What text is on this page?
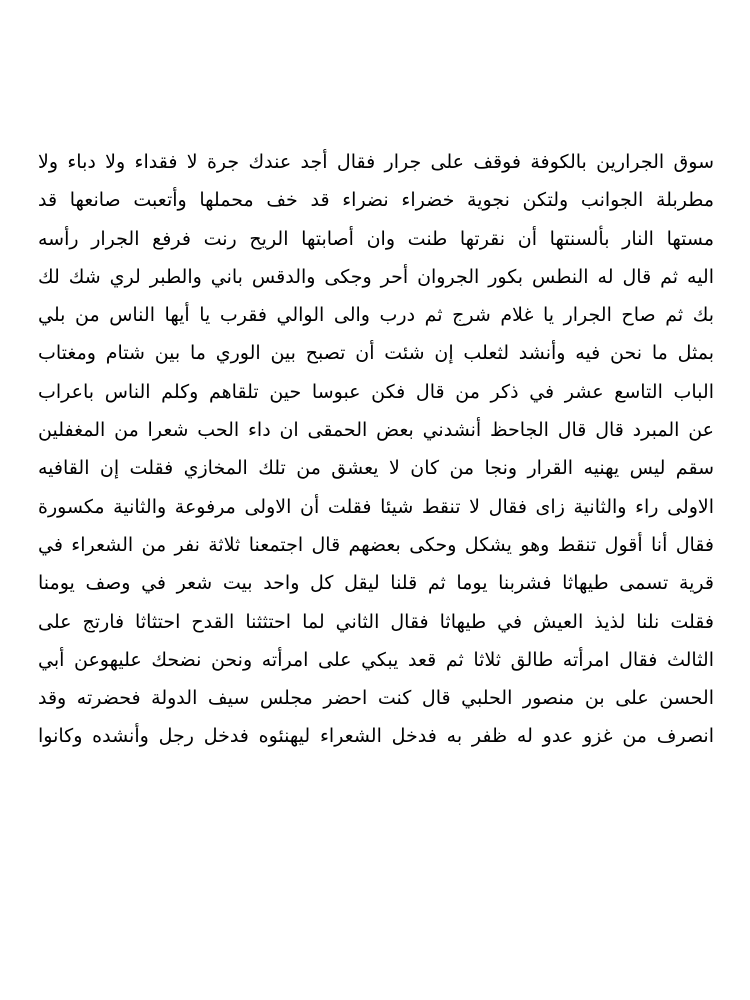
سوق الجرارين بالكوفة فوقف على جرار فقال أجد عندك جرة لا فقداء ولا دباء ولا
مطربلة الجوانب ولتكن نجوية خضراء نضراء قد خف محملها وأتعبت صانعها قد
مستها النار بألسنتها أن نقرتها طنت وان أصابتها الريح رنت فرفع الجرار رأسه
اليه ثم قال له النطس بكور الجروان أحر وجكى والدقس باني والطبر لري شك لك
بك ثم صاح الجرار يا غلام شرج ثم درب والى الوالي فقرب يا أيها الناس من بلي
بمثل ما نحن فيه وأنشد لثعلب إن شئت أن تصبح بين الوري ما بين شتام ومغتاب
الباب التاسع عشر في ذكر من قال فكن عبوسا حين تلقاهم وكلم الناس باعراب
عن المبرد قال قال الجاحظ أنشدني بعض الحمقى ان داء الحب شعرا من المغفلين
سقم ليس يهنيه القرار ونجا من كان لا يعشق من تلك المخازي فقلت إن القافيه
الاولى راء والثانية زاى فقال لا تنقط شيئا فقلت أن الاولى مرفوعة والثانية مكسورة
فقال أنا أقول تنقط وهو يشكل وحكى بعضهم قال اجتمعنا ثلاثة نفر من الشعراء في
قرية تسمى طيهاثا فشربنا يوما ثم قلنا ليقل كل واحد بيت شعر في وصف يومنا
فقلت نلنا لذيذ العيش في طيهاثا فقال الثاني لما احتثثنا القدح احتثاثا فارتج على
الثالث فقال امرأته طالق ثلاثا ثم قعد يبكي على امرأته ونحن نضحك عليهوعن أبي
الحسن على بن منصور الحلبي قال كنت احضر مجلس سيف الدولة فحضرته وقد
انصرف من غزو عدو له ظفر به فدخل الشعراء ليهنئوه فدخل رجل وأنشده وكانوا
